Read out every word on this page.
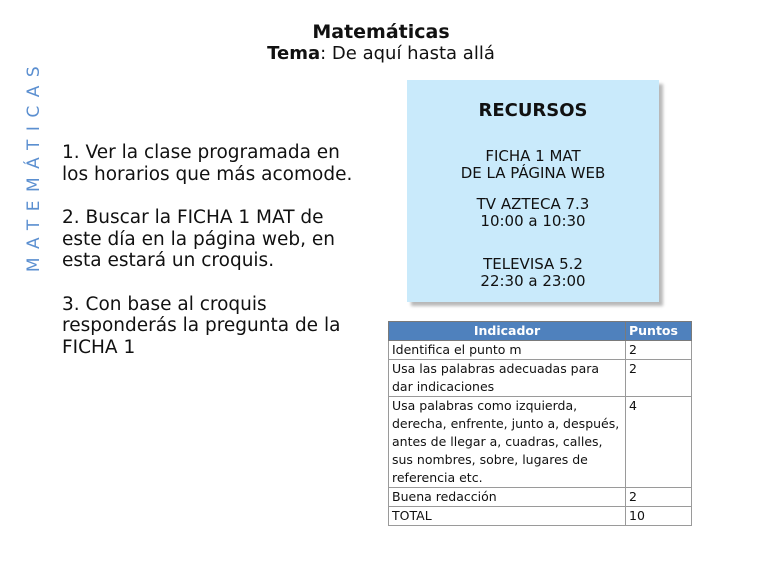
MATEMÁTICAS
Matemáticas
Tema: De aquí hasta allá

1. Ver la clase programada en los horarios que más acomode.

2. Buscar la FICHA 1 MAT de este día en la página web, en esta estará un croquis.

3. Con base al croquis responderás la pregunta de la FICHA 1

RECURSOS
FICHA 1 MAT
DE LA PÁGINA WEB
TV AZTECA 7.3
10:00 a 10:30
TELEVISA 5.2
22:30 a 23:00
Indicador	Puntos
Identifica el punto m	2
Usa las palabras adecuadas para dar indicaciones	2
Usa palabras como izquierda, derecha, enfrente, junto a, después, antes de llegar a, cuadras, calles, sus nombres, sobre, lugares de referencia etc.	4
Buena redacción	2
TOTAL	10
